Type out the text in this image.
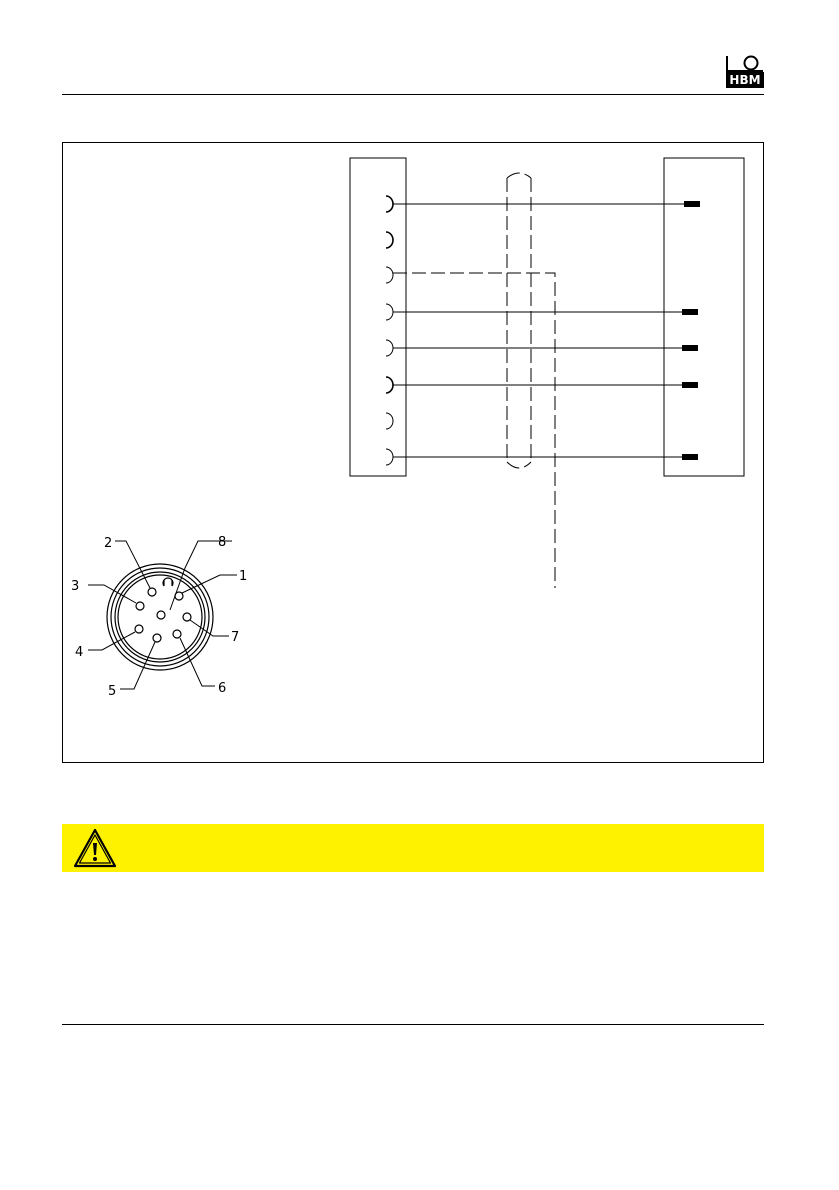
HBM
2	8
1
3
7
4
6
5
